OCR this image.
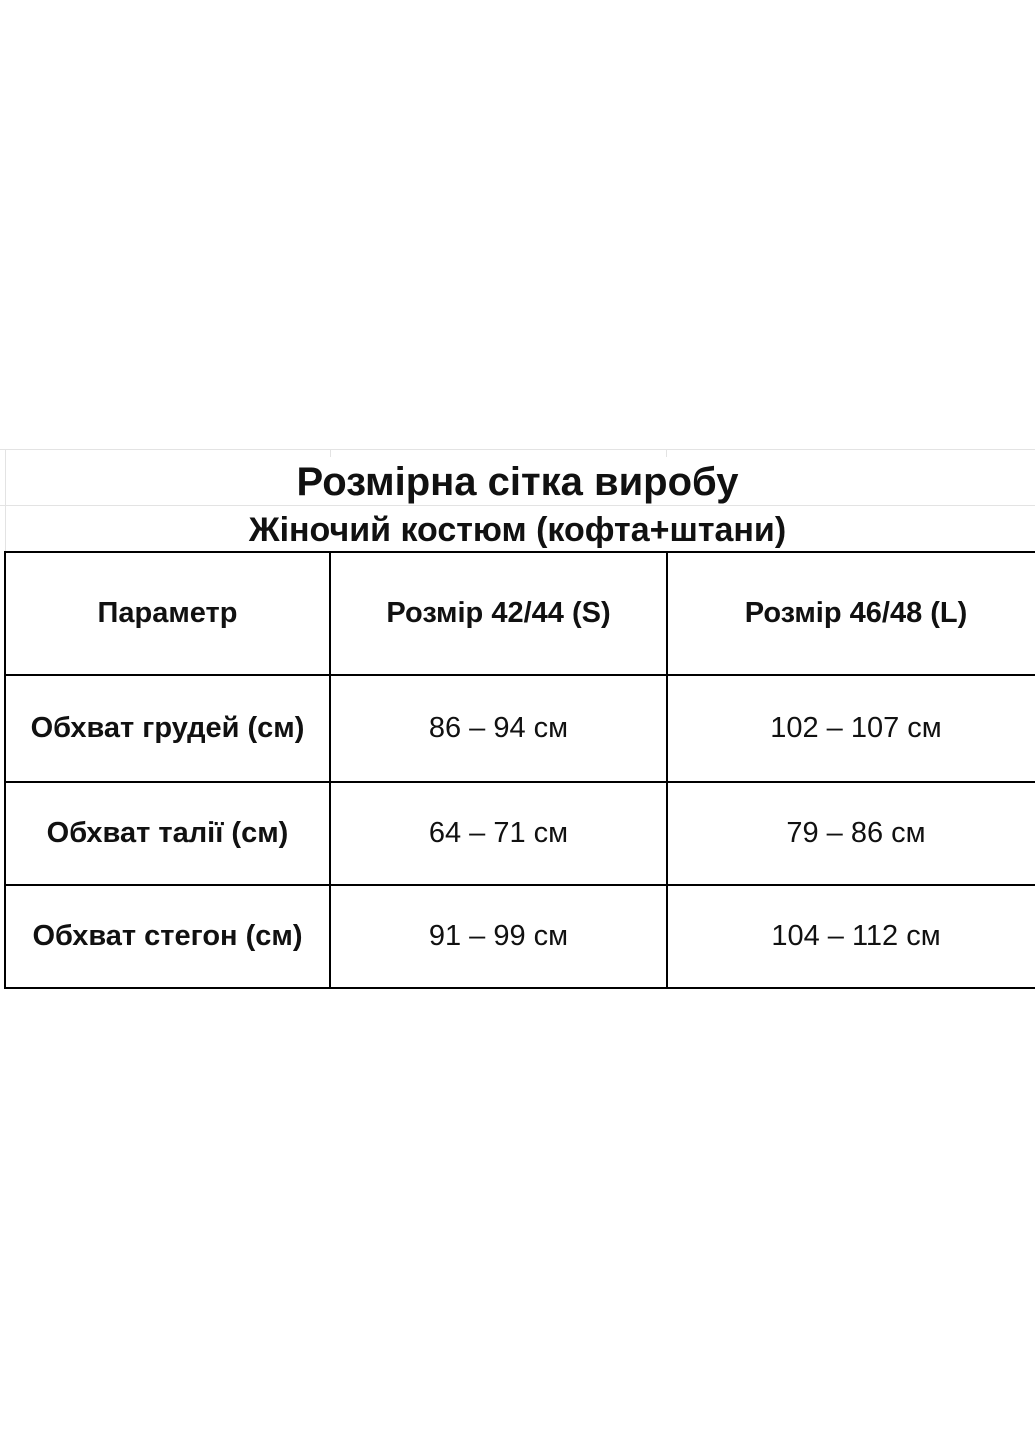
Розмірна сітка виробу
Жіночий костюм (кофта+штани)
Параметр	Розмір 42/44 (S)	Розмір 46/48 (L)
Обхват грудей (см)	86 – 94 см	102 – 107 см
Обхват талії (см)	64 – 71 см	79 – 86 см
Обхват стегон (см)	91 – 99 см	104 – 112 см
